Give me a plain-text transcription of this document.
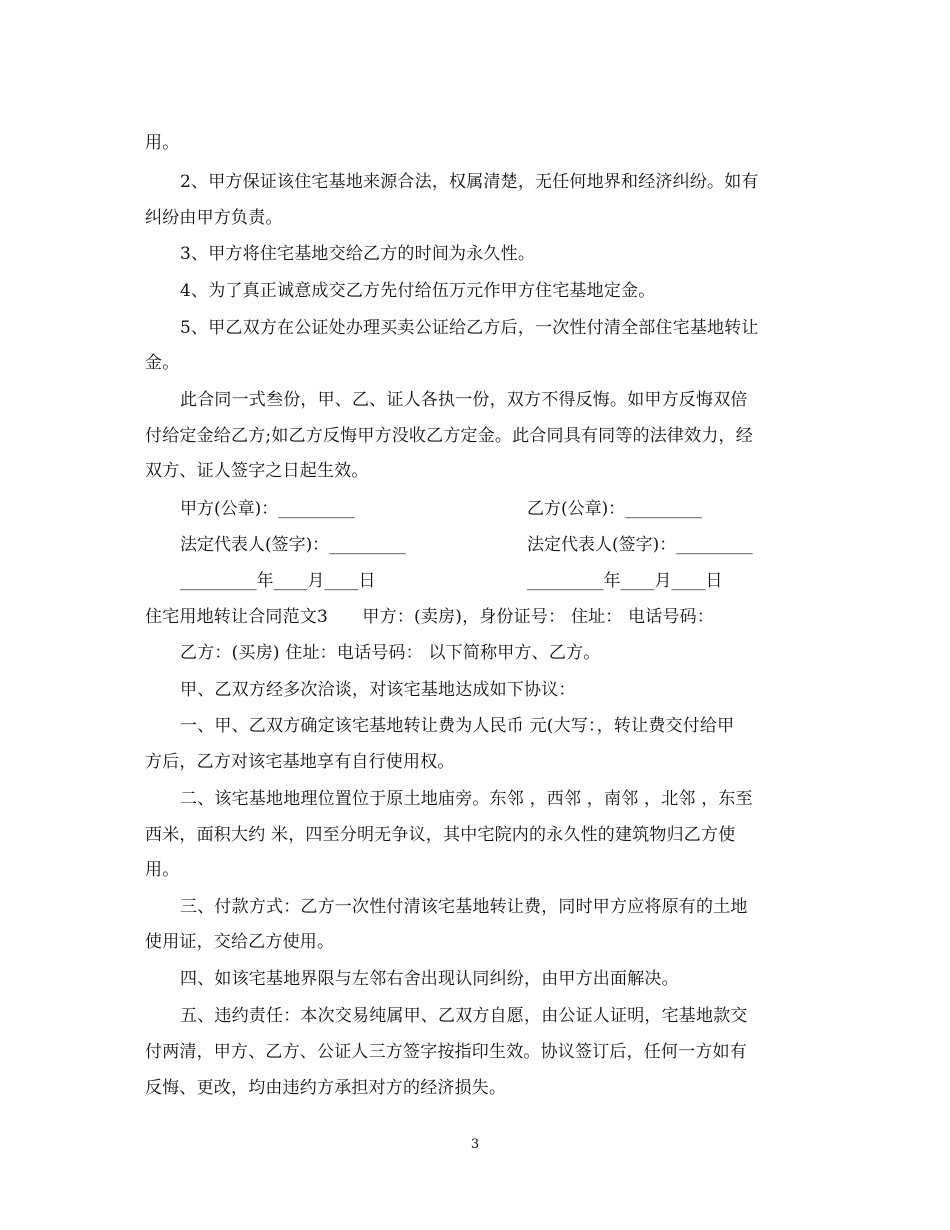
用。
2、甲方保证该住宅基地来源合法，权属清楚，无任何地界和经济纠纷。如有
纠纷由甲方负责。
3、甲方将住宅基地交给乙方的时间为永久性。
4、为了真正诚意成交乙方先付给伍万元作甲方住宅基地定金。
5、甲乙双方在公证处办理买卖公证给乙方后，一次性付清全部住宅基地转让
金。
此合同一式叁份，甲、乙、证人各执一份，双方不得反悔。如甲方反悔双倍
付给定金给乙方;如乙方反悔甲方没收乙方定金。此合同具有同等的法律效力，经
双方、证人签字之日起生效。
甲方(公章)：_________	乙方(公章)：_________
法定代表人(签字)：_________	法定代表人(签字)：_________
_________年____月____日	_________年____月____日
住宅用地转让合同范文3　　甲方：(卖房)，身份证号： 住址： 电话号码：
乙方：(买房) 住址：电话号码： 以下简称甲方、乙方。
甲、乙双方经多次洽谈，对该宅基地达成如下协议：
一、甲、乙双方确定该宅基地转让费为人民币 元(大写：，转让费交付给甲
方后，乙方对该宅基地享有自行使用权。
二、该宅基地地理位置位于原土地庙旁。东邻 ，西邻 ，南邻 ，北邻 ，东至
西米，面积大约 米，四至分明无争议，其中宅院内的永久性的建筑物归乙方使
用。
三、付款方式：乙方一次性付清该宅基地转让费，同时甲方应将原有的土地
使用证，交给乙方使用。
四、如该宅基地界限与左邻右舍出现认同纠纷，由甲方出面解决。
五、违约责任：本次交易纯属甲、乙双方自愿，由公证人证明，宅基地款交
付两清，甲方、乙方、公证人三方签字按指印生效。协议签订后，任何一方如有
反悔、更改，均由违约方承担对方的经济损失。
3
